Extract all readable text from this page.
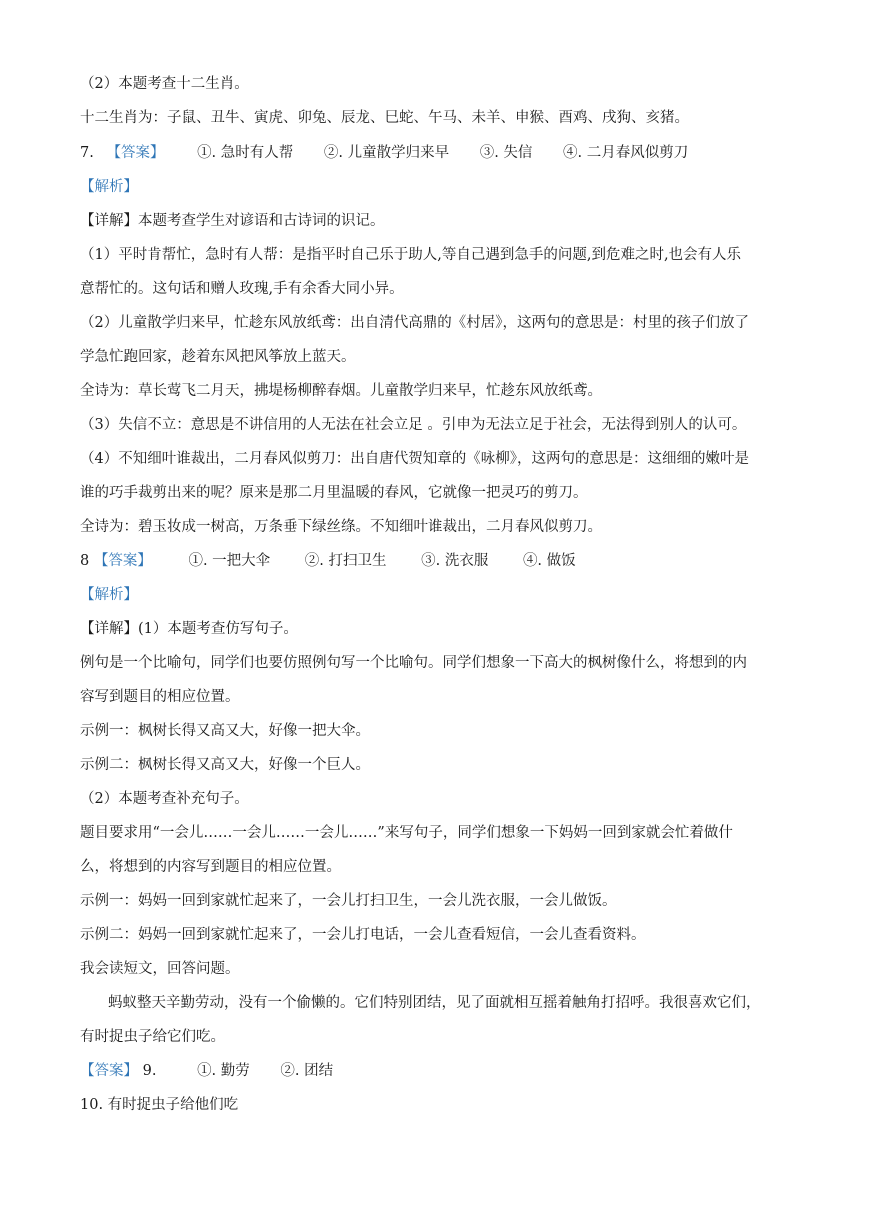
（2）本题考查十二生肖。
十二生肖为：子鼠、丑牛、寅虎、卯兔、辰龙、巳蛇、午马、未羊、申猴、酉鸡、戌狗、亥猪。
7. 【答案】 ①. 急时有人帮 ②. 儿童散学归来早 ③. 失信 ④. 二月春风似剪刀
【解析】
【详解】本题考查学生对谚语和古诗词的识记。
（1）平时肯帮忙，急时有人帮：是指平时自己乐于助人,等自己遇到急手的问题,到危难之时,也会有人乐
意帮忙的。这句话和赠人玫瑰,手有余香大同小异。
（2）儿童散学归来早，忙趁东风放纸鸢：出自清代高鼎的《村居》，这两句的意思是：村里的孩子们放了
学急忙跑回家，趁着东风把风筝放上蓝天。
全诗为：草长莺飞二月天，拂堤杨柳醉春烟。儿童散学归来早，忙趁东风放纸鸢。
（3）失信不立：意思是不讲信用的人无法在社会立足 。引申为无法立足于社会，无法得到别人的认可。
（4）不知细叶谁裁出，二月春风似剪刀：出自唐代贺知章的《咏柳》，这两句的意思是：这细细的嫩叶是
谁的巧手裁剪出来的呢？原来是那二月里温暖的春风，它就像一把灵巧的剪刀。
全诗为：碧玉妆成一树高，万条垂下绿丝绦。不知细叶谁裁出，二月春风似剪刀。
8 【答案】	①. 一把大伞 ②. 打扫卫生 ③. 洗衣服 ④. 做饭
【解析】
【详解】(1）本题考查仿写句子。
例句是一个比喻句，同学们也要仿照例句写一个比喻句。同学们想象一下高大的枫树像什么，将想到的内
容写到题目的相应位置。
示例一：枫树长得又高又大，好像一把大伞。
示例二：枫树长得又高又大，好像一个巨人。
（2）本题考查补充句子。
题目要求用“一会儿……一会儿……一会儿……”来写句子，同学们想象一下妈妈一回到家就会忙着做什
么，将想到的内容写到题目的相应位置。
示例一：妈妈一回到家就忙起来了，一会儿打扫卫生，一会儿洗衣服，一会儿做饭。
示例二：妈妈一回到家就忙起来了，一会儿打电话，一会儿查看短信，一会儿查看资料。
我会读短文，回答问题。
蚂蚁整天辛勤劳动，没有一个偷懒的。它们特别团结，见了面就相互摇着触角打招呼。我很喜欢它们，
有时捉虫子给它们吃。
【答案】 9.	①. 勤劳 ②. 团结
10. 有时捉虫子给他们吃
